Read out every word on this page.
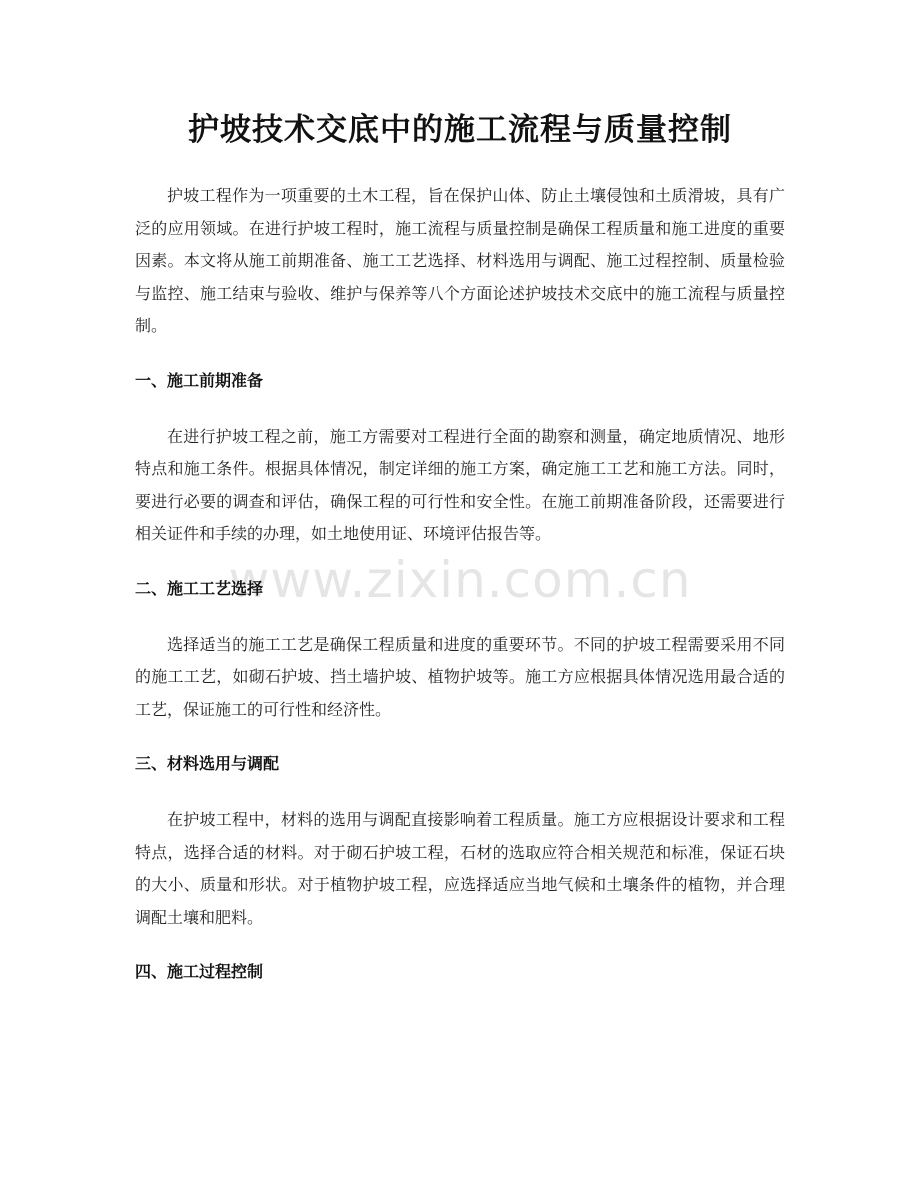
护坡技术交底中的施工流程与质量控制

护坡工程作为一项重要的土木工程，旨在保护山体、防止土壤侵蚀和土质滑坡，具有广泛的应用领域。在进行护坡工程时，施工流程与质量控制是确保工程质量和施工进度的重要因素。本文将从施工前期准备、施工工艺选择、材料选用与调配、施工过程控制、质量检验与监控、施工结束与验收、维护与保养等八个方面论述护坡技术交底中的施工流程与质量控制。

一、施工前期准备

在进行护坡工程之前，施工方需要对工程进行全面的勘察和测量，确定地质情况、地形特点和施工条件。根据具体情况，制定详细的施工方案，确定施工工艺和施工方法。同时，要进行必要的调查和评估，确保工程的可行性和安全性。在施工前期准备阶段，还需要进行相关证件和手续的办理，如土地使用证、环境评估报告等。

二、施工工艺选择

选择适当的施工工艺是确保工程质量和进度的重要环节。不同的护坡工程需要采用不同的施工工艺，如砌石护坡、挡土墙护坡、植物护坡等。施工方应根据具体情况选用最合适的工艺，保证施工的可行性和经济性。

三、材料选用与调配

在护坡工程中，材料的选用与调配直接影响着工程质量。施工方应根据设计要求和工程特点，选择合适的材料。对于砌石护坡工程，石材的选取应符合相关规范和标准，保证石块的大小、质量和形状。对于植物护坡工程，应选择适应当地气候和土壤条件的植物，并合理调配土壤和肥料。

四、施工过程控制
www.zixin.com.cn
